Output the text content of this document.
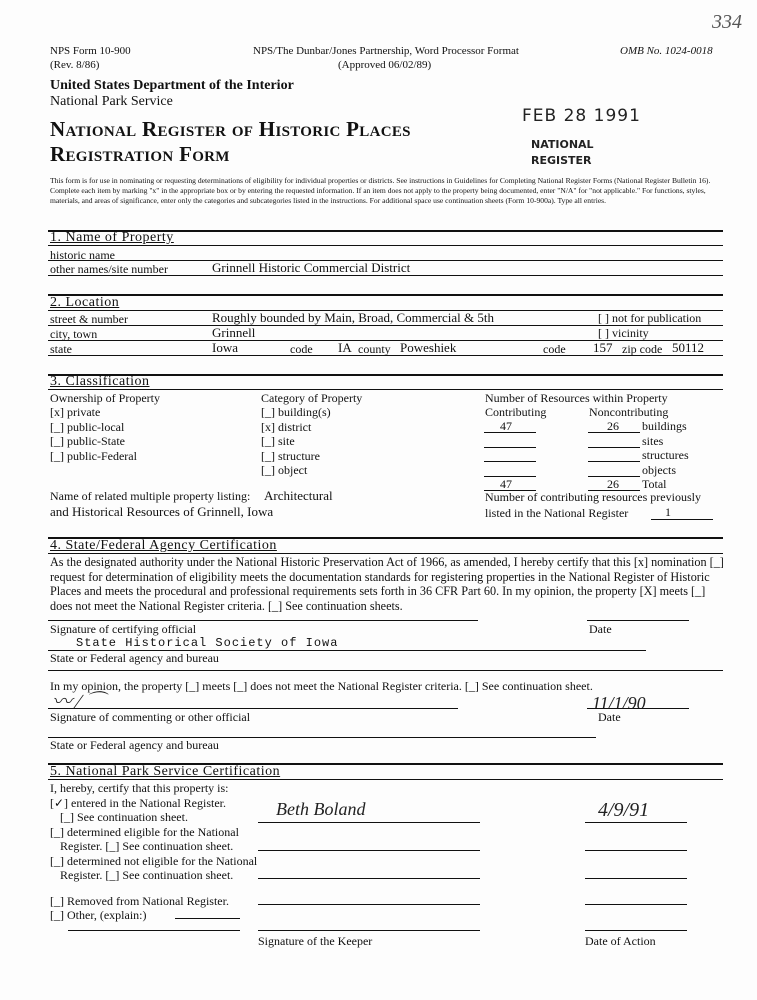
NPS Form 10-900
(Rev. 8/86)
NPS/The Dunbar/Jones Partnership, Word Processor Format
(Approved 06/02/89)
OMB No. 1024-0018
334
United States Department of the Interior
National Park Service
National Register of Historic Places
Registration Form
FEB 28 1991
NATIONAL
REGISTER
This form is for use in nominating or requesting determinations of eligibility for individual properties or districts. See instructions in Guidelines for Completing National Register Forms (National Register Bulletin 16). Complete each item by marking "x" in the appropriate box or by entering the requested information. If an item does not apply to the property being documented, enter "N/A" for "not applicable." For functions, styles, materials, and areas of significance, enter only the categories and subcategories listed in the instructions. For additional space use continuation sheets (Form 10-900a). Type all entries.
1. Name of Property
historic name
other names/site number	Grinnell Historic Commercial District
2. Location
street & number	Roughly bounded by Main, Broad, Commercial & 5th	[ ] not for publication
city, town	Grinnell	[ ] vicinity
state	Iowa	code IA county Poweshiek	code 157 zip code 50112
3. Classification
Ownership of Property	Category of Property	Number of Resources within Property
Contributing	Noncontributing
Name of related multiple property listing: Architectural
and Historical Resources of Grinnell, Iowa
Number of contributing resources previously
listed in the National Register	1
4. State/Federal Agency Certification
As the designated authority under the National Historic Preservation Act of 1966, as amended, I hereby certify that this [x] nomination [_] request for determination of eligibility meets the documentation standards for registering properties in the National Register of Historic Places and meets the procedural and professional requirements sets forth in 36 CFR Part 60. In my opinion, the property [X] meets [_] does not meet the National Register criteria. [_] See continuation sheets.
Signature of certifying official	Date
State Historical Society of Iowa
State or Federal agency and bureau
In my opinion, the property [_] meets [_] does not meet the National Register criteria. [_] See continuation sheet.
〰 ∕ ⌒	11/1/90
Signature of commenting or other official	Date
State or Federal agency and bureau
5. National Park Service Certification
I, hereby, certify that this property is:
Beth Boland	4/9/91
Signature of the Keeper	Date of Action
[x] private
[_] public-local
[_] public-State
[_] public-Federal
[_] building(s)
[x] district
[_] site
[_] structure
[_] object
47	26 buildings
sites
structures
objects
47	26 Total
[✓] entered in the National Register.
[_] See continuation sheet.
[_] determined eligible for the National
Register. [_] See continuation sheet.
[_] determined not eligible for the National
Register. [_] See continuation sheet.
[_] Removed from National Register.
[_] Other, (explain:)
